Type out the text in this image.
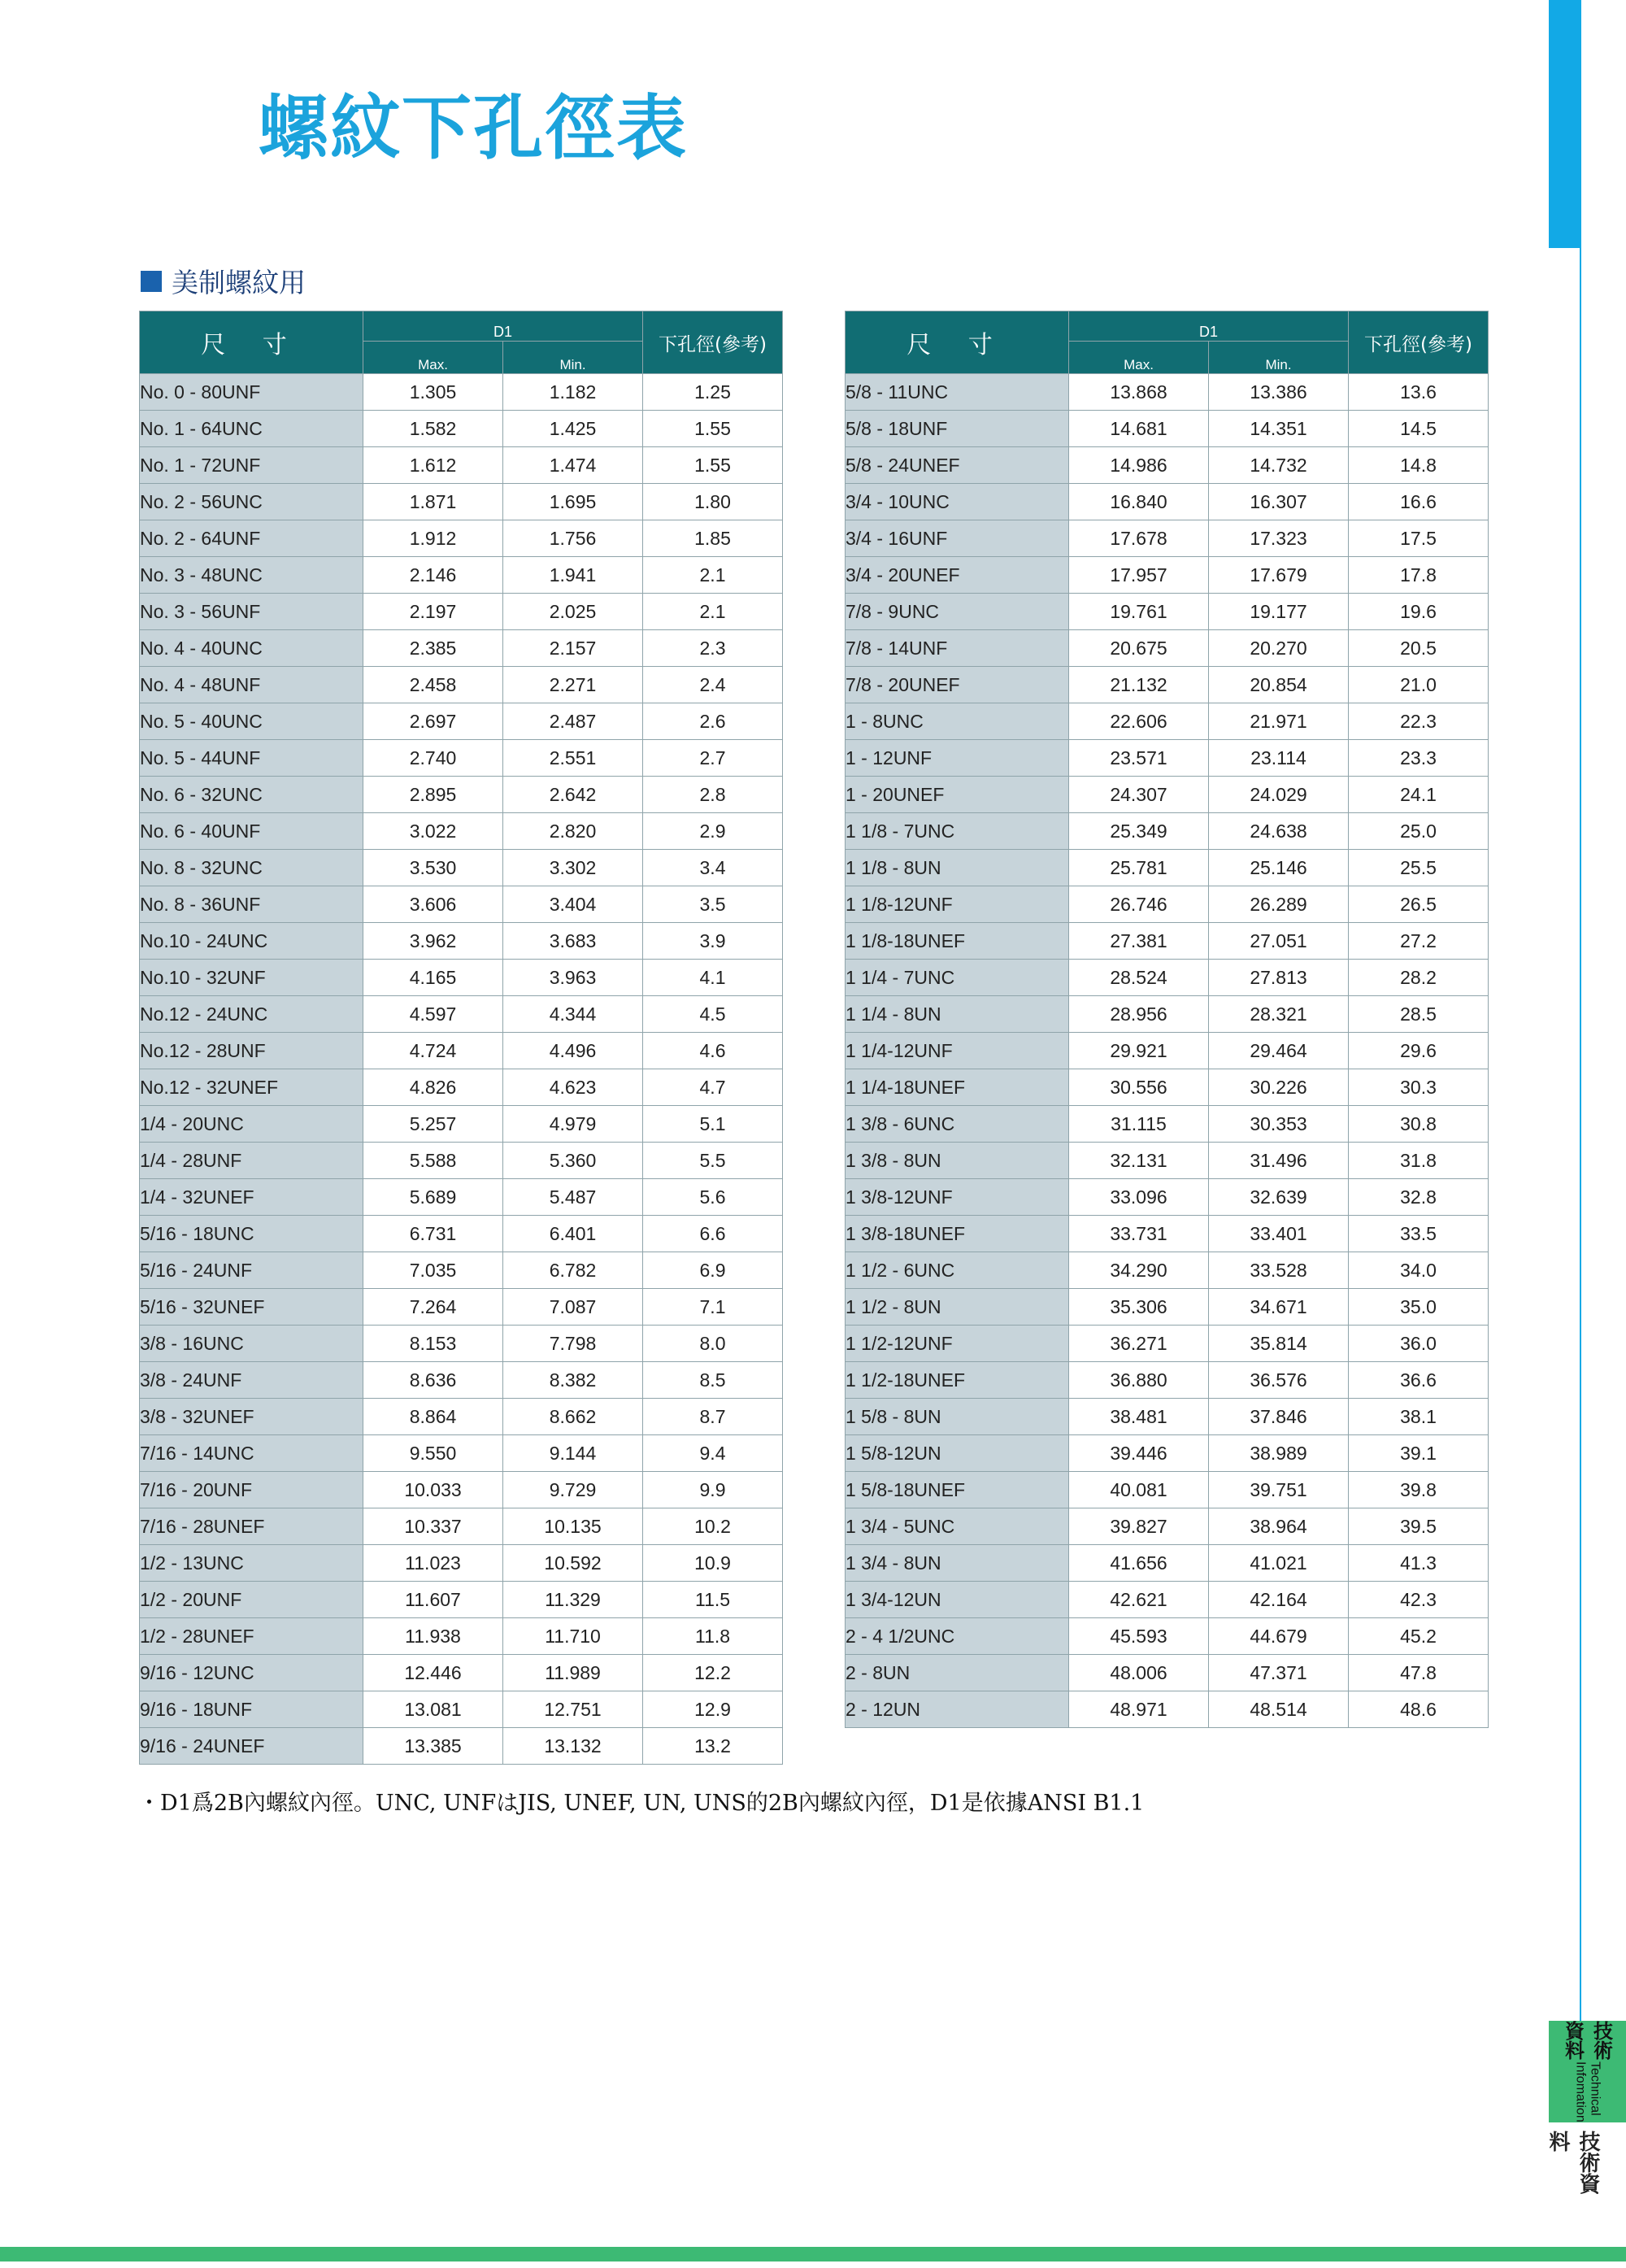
螺紋下孔徑表
美制螺紋用
尺 寸	D1		下孔徑(參考)
	Max.	Min.	
No. 0 - 80UNF	1.305	1.182	1.25
No. 1 - 64UNC	1.582	1.425	1.55
No. 1 - 72UNF	1.612	1.474	1.55
No. 2 - 56UNC	1.871	1.695	1.80
No. 2 - 64UNF	1.912	1.756	1.85
No. 3 - 48UNC	2.146	1.941	2.1
No. 3 - 56UNF	2.197	2.025	2.1
No. 4 - 40UNC	2.385	2.157	2.3
No. 4 - 48UNF	2.458	2.271	2.4
No. 5 - 40UNC	2.697	2.487	2.6
No. 5 - 44UNF	2.740	2.551	2.7
No. 6 - 32UNC	2.895	2.642	2.8
No. 6 - 40UNF	3.022	2.820	2.9
No. 8 - 32UNC	3.530	3.302	3.4
No. 8 - 36UNF	3.606	3.404	3.5
No.10 - 24UNC	3.962	3.683	3.9
No.10 - 32UNF	4.165	3.963	4.1
No.12 - 24UNC	4.597	4.344	4.5
No.12 - 28UNF	4.724	4.496	4.6
No.12 - 32UNEF	4.826	4.623	4.7
1/4 - 20UNC	5.257	4.979	5.1
1/4 - 28UNF	5.588	5.360	5.5
1/4 - 32UNEF	5.689	5.487	5.6
5/16 - 18UNC	6.731	6.401	6.6
5/16 - 24UNF	7.035	6.782	6.9
5/16 - 32UNEF	7.264	7.087	7.1
3/8 - 16UNC	8.153	7.798	8.0
3/8 - 24UNF	8.636	8.382	8.5
3/8 - 32UNEF	8.864	8.662	8.7
7/16 - 14UNC	9.550	9.144	9.4
7/16 - 20UNF	10.033	9.729	9.9
7/16 - 28UNEF	10.337	10.135	10.2
1/2 - 13UNC	11.023	10.592	10.9
1/2 - 20UNF	11.607	11.329	11.5
1/2 - 28UNEF	11.938	11.710	11.8
9/16 - 12UNC	12.446	11.989	12.2
9/16 - 18UNF	13.081	12.751	12.9
9/16 - 24UNEF	13.385	13.132	13.2
尺 寸	D1		下孔徑(參考)
	Max.	Min.	
5/8 - 11UNC	13.868	13.386	13.6
5/8 - 18UNF	14.681	14.351	14.5
5/8 - 24UNEF	14.986	14.732	14.8
3/4 - 10UNC	16.840	16.307	16.6
3/4 - 16UNF	17.678	17.323	17.5
3/4 - 20UNEF	17.957	17.679	17.8
7/8 - 9UNC	19.761	19.177	19.6
7/8 - 14UNF	20.675	20.270	20.5
7/8 - 20UNEF	21.132	20.854	21.0
1 - 8UNC	22.606	21.971	22.3
1 - 12UNF	23.571	23.114	23.3
1 - 20UNEF	24.307	24.029	24.1
1 1/8 - 7UNC	25.349	24.638	25.0
1 1/8 - 8UN	25.781	25.146	25.5
1 1/8-12UNF	26.746	26.289	26.5
1 1/8-18UNEF	27.381	27.051	27.2
1 1/4 - 7UNC	28.524	27.813	28.2
1 1/4 - 8UN	28.956	28.321	28.5
1 1/4-12UNF	29.921	29.464	29.6
1 1/4-18UNEF	30.556	30.226	30.3
1 3/8 - 6UNC	31.115	30.353	30.8
1 3/8 - 8UN	32.131	31.496	31.8
1 3/8-12UNF	33.096	32.639	32.8
1 3/8-18UNEF	33.731	33.401	33.5
1 1/2 - 6UNC	34.290	33.528	34.0
1 1/2 - 8UN	35.306	34.671	35.0
1 1/2-12UNF	36.271	35.814	36.0
1 1/2-18UNEF	36.880	36.576	36.6
1 5/8 - 8UN	38.481	37.846	38.1
1 5/8-12UN	39.446	38.989	39.1
1 5/8-18UNEF	40.081	39.751	39.8
1 3/4 - 5UNC	39.827	38.964	39.5
1 3/4 - 8UN	41.656	41.021	41.3
1 3/4-12UN	42.621	42.164	42.3
2 - 4 1/2UNC	45.593	44.679	45.2
2 - 8UN	48.006	47.371	47.8
2 - 12UN	48.971	48.514	48.6

・D1爲2B內螺紋內徑。UNC, UNFはJIS, UNEF, UN, UNS的2B內螺紋內徑，D1是依據ANSI B1.1

技術資料
Technical Infomation
技術資料
